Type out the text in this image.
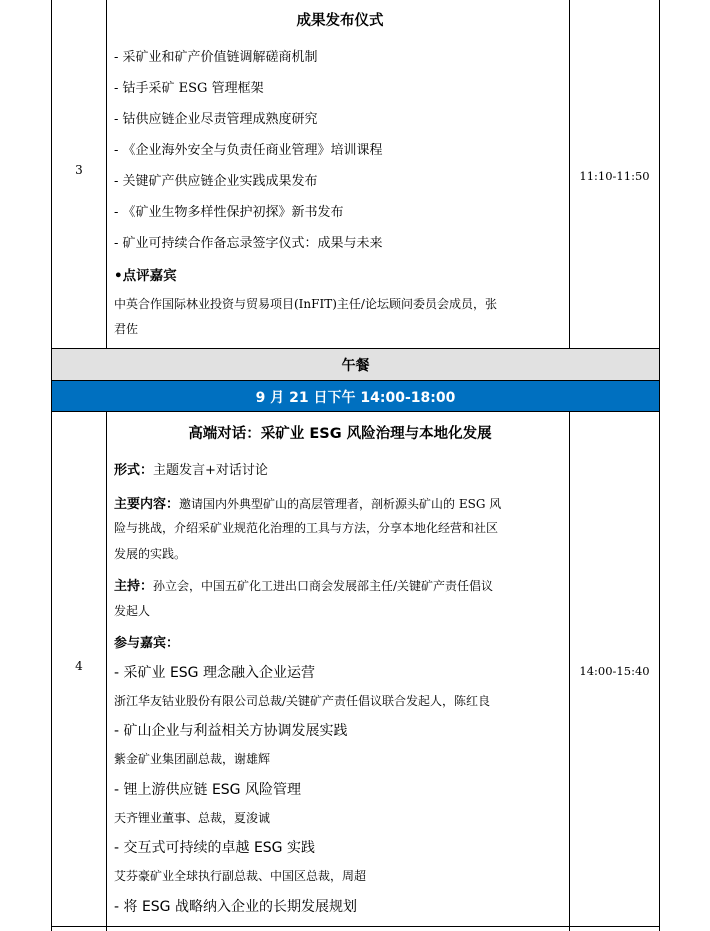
3	11:10-11:50
成果发布仪式
- 采矿业和矿产价值链调解磋商机制
- 钴手采矿 ESG 管理框架
- 钴供应链企业尽责管理成熟度研究
- 《企业海外安全与负责任商业管理》培训课程
- 关键矿产供应链企业实践成果发布
- 《矿业生物多样性保护初探》新书发布
- 矿业可持续合作备忘录签字仪式：成果与未来
•点评嘉宾
中英合作国际林业投资与贸易项目(InFIT)主任/论坛顾问委员会成员，张
君佐
午餐
9 月 21 日下午 14:00-18:00
4	14:00-15:40
高端对话：采矿业 ESG 风险治理与本地化发展
形式：主题发言+对话讨论
主要内容：邀请国内外典型矿山的高层管理者，剖析源头矿山的 ESG 风
险与挑战，介绍采矿业规范化治理的工具与方法，分享本地化经营和社区
发展的实践。
主持：孙立会，中国五矿化工进出口商会发展部主任/关键矿产责任倡议
发起人
参与嘉宾：
- 采矿业 ESG 理念融入企业运营
浙江华友钴业股份有限公司总裁/关键矿产责任倡议联合发起人，陈红良
- 矿山企业与利益相关方协调发展实践
紫金矿业集团副总裁，谢雄辉
- 锂上游供应链 ESG 风险管理
天齐锂业董事、总裁，夏浚诚
- 交互式可持续的卓越 ESG 实践
艾芬豪矿业全球执行副总裁、中国区总裁，周超
- 将 ESG 战略纳入企业的长期发展规划
